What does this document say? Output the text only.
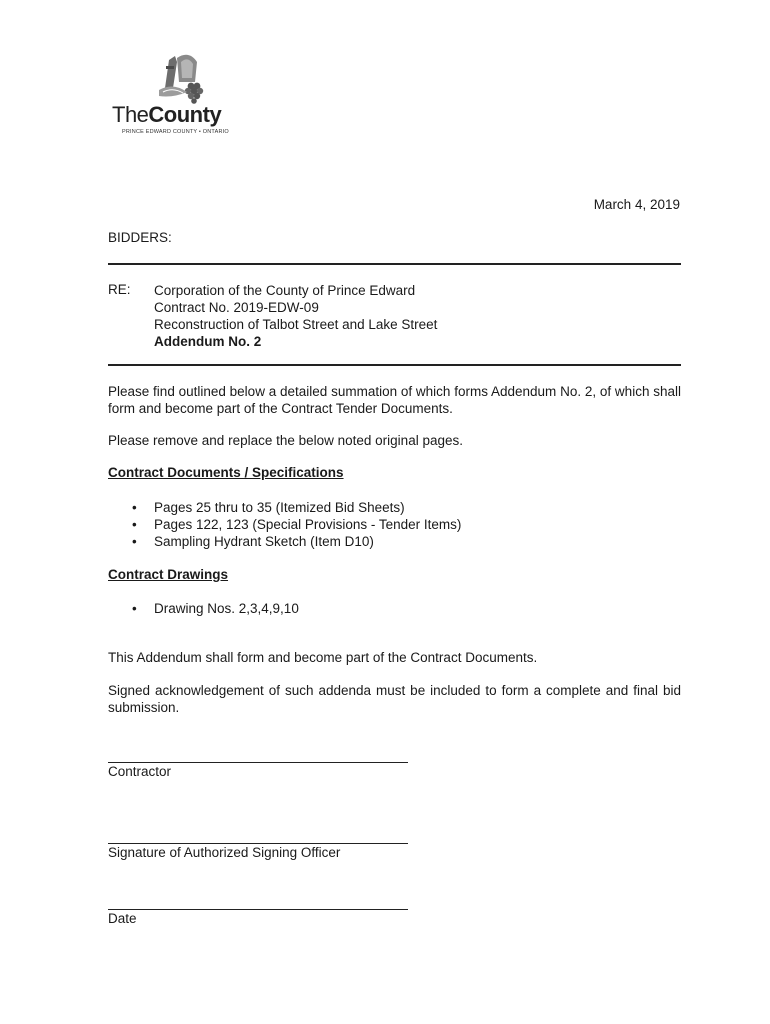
TheCounty
PRINCE EDWARD COUNTY • ONTARIO
March 4, 2019
BIDDERS:
RE: Corporation of the County of Prince Edward
Contract No. 2019-EDW-09
Reconstruction of Talbot Street and Lake Street
Addendum No. 2
Please find outlined below a detailed summation of which forms Addendum No. 2, of which shall form and become part of the Contract Tender Documents.
Please remove and replace the below noted original pages.
Contract Documents / Specifications
• Pages 25 thru to 35 (Itemized Bid Sheets)
• Pages 122, 123 (Special Provisions - Tender Items)
• Sampling Hydrant Sketch (Item D10)
Contract Drawings
• Drawing Nos. 2,3,4,9,10
This Addendum shall form and become part of the Contract Documents.
Signed acknowledgement of such addenda must be included to form a complete and final bid submission.
Contractor
Signature of Authorized Signing Officer
Date
